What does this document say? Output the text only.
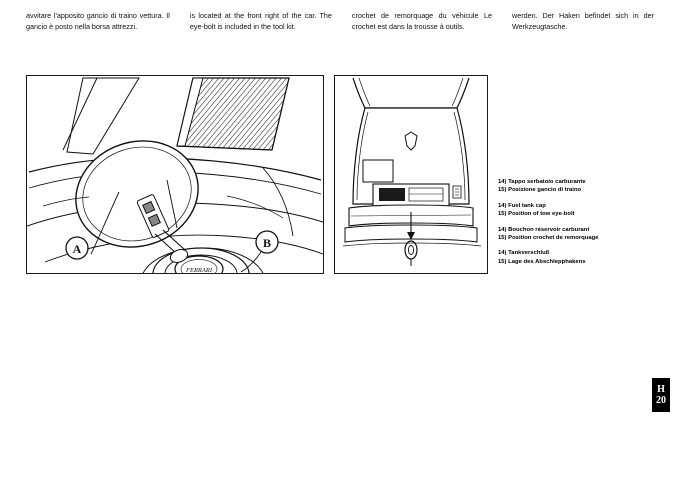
avvitare l'apposito gancio di traino vettura. Il gancio è posto nella borsa attrezzi.

is located at the front right of the car. The eye-bolt is included in the tool kit.

crochet de remorquage du véhicule Le crochet est dans la trousse à outils.

werden. Der Haken befindet sich in der Werkzeugtasche.

FERRARI
A	B
14) Tappo serbatoio carburante
15) Posizione gancio di traino
14) Fuel tank cap
15) Position of tow eye-bolt
14) Bouchon réservoir carburant
15) Position crochet de remorquage
14) Tankverschluß
15) Lage des Abschlepphakens
H
20
